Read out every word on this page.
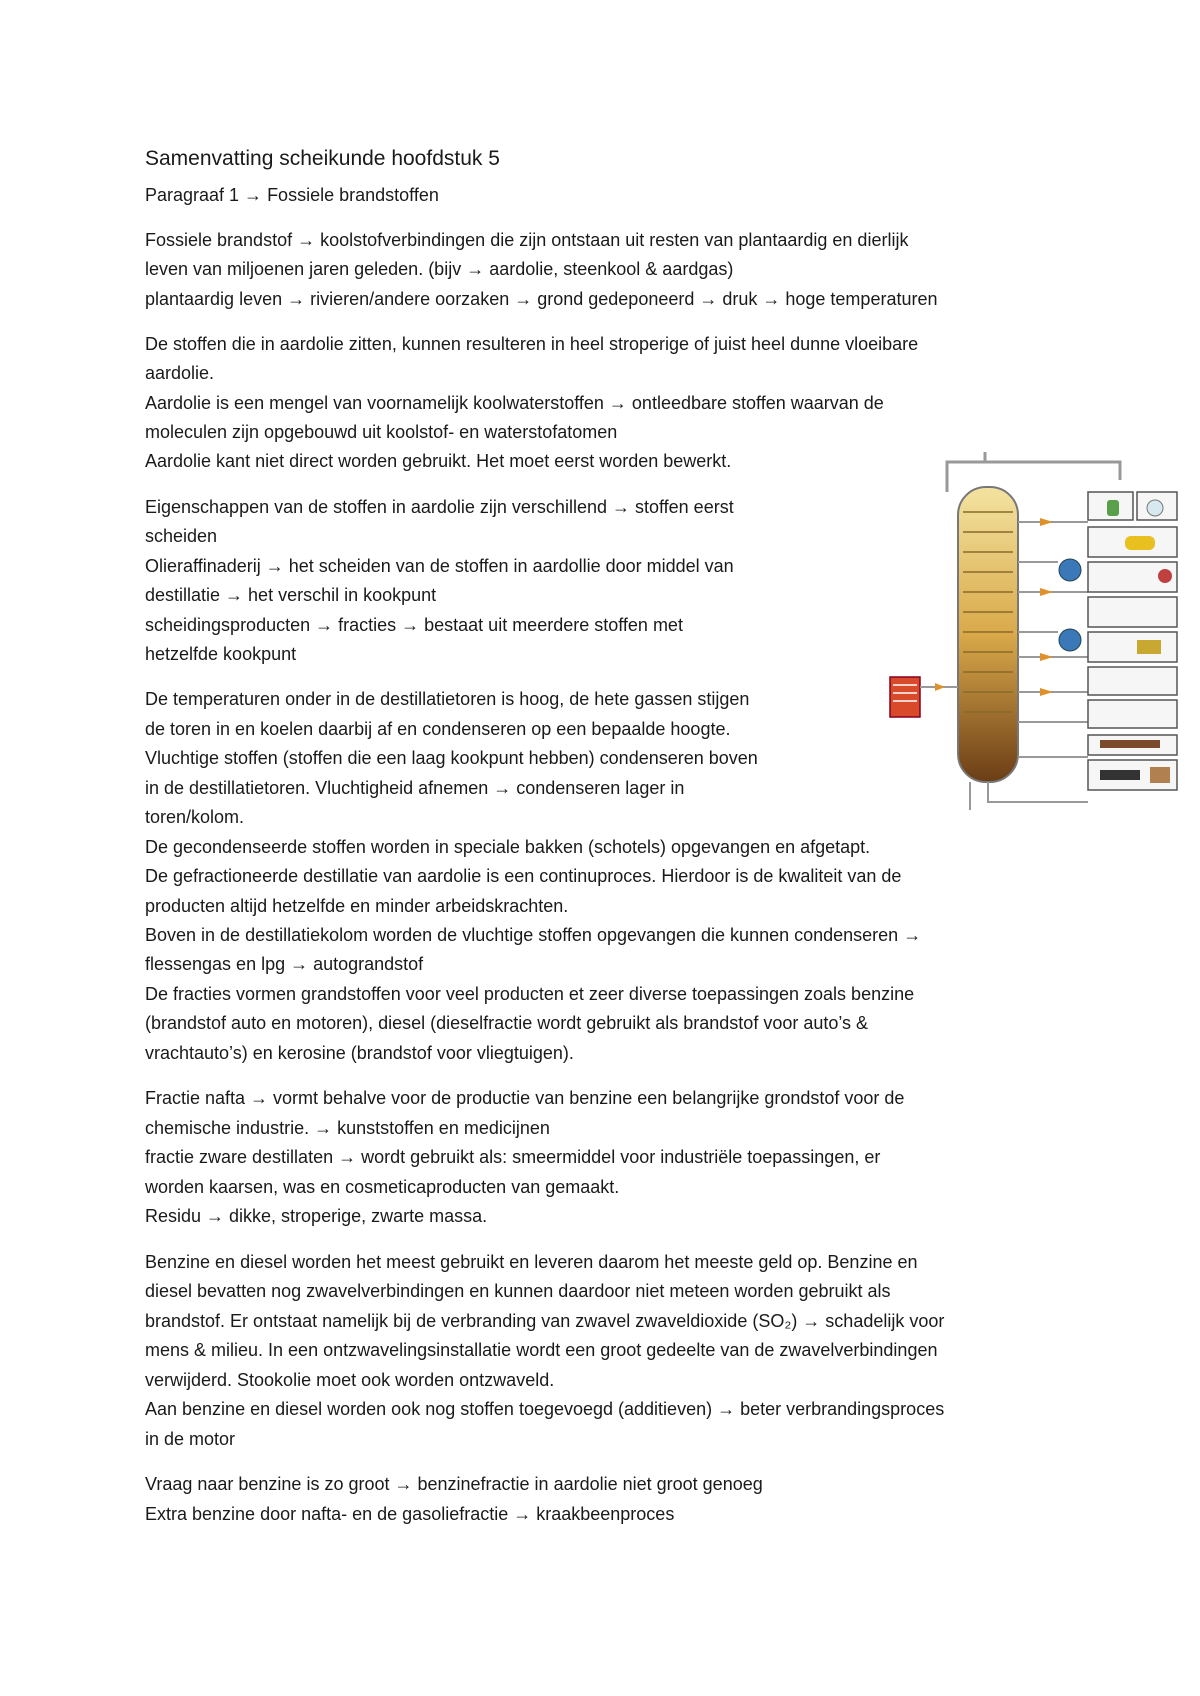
Samenvatting scheikunde hoofdstuk 5
Paragraaf 1 → Fossiele brandstoffen
Fossiele brandstof → koolstofverbindingen die zijn ontstaan uit resten van plantaardig en dierlijk
leven van miljoenen jaren geleden. (bijv → aardolie, steenkool & aardgas)
plantaardig leven → rivieren/andere oorzaken → grond gedeponeerd → druk → hoge temperaturen
De stoffen die in aardolie zitten, kunnen resulteren in heel stroperige of juist heel dunne vloeibare
aardolie.
Aardolie is een mengel van voornamelijk koolwaterstoffen → ontleedbare stoffen waarvan de
moleculen zijn opgebouwd uit koolstof- en waterstofatomen
Aardolie kant niet direct worden gebruikt. Het moet eerst worden bewerkt.
Eigenschappen van de stoffen in aardolie zijn verschillend → stoffen eerst
scheiden
Olieraffinaderij → het scheiden van de stoffen in aardollie door middel van
destillatie → het verschil in kookpunt
scheidingsproducten → fracties → bestaat uit meerdere stoffen met
hetzelfde kookpunt
De temperaturen onder in de destillatietoren is hoog, de hete gassen stijgen
de toren in en koelen daarbij af en condenseren op een bepaalde hoogte.
Vluchtige stoffen (stoffen die een laag kookpunt hebben) condenseren boven
in de destillatietoren. Vluchtigheid afnemen → condenseren lager in
toren/kolom.
De gecondenseerde stoffen worden in speciale bakken (schotels) opgevangen en afgetapt.
De gefractioneerde destillatie van aardolie is een continuproces. Hierdoor is de kwaliteit van de
producten altijd hetzelfde en minder arbeidskrachten.
Boven in de destillatiekolom worden de vluchtige stoffen opgevangen die kunnen condenseren →
flessengas en lpg → autograndstof
De fracties vormen grandstoffen voor veel producten et zeer diverse toepassingen zoals benzine
(brandstof auto en motoren), diesel (dieselfractie wordt gebruikt als brandstof voor auto’s &
vrachtauto’s) en kerosine (brandstof voor vliegtuigen).
Fractie nafta → vormt behalve voor de productie van benzine een belangrijke grondstof voor de
chemische industrie. → kunststoffen en medicijnen
fractie zware destillaten → wordt gebruikt als: smeermiddel voor industriële toepassingen, er
worden kaarsen, was en cosmeticaproducten van gemaakt.
Residu → dikke, stroperige, zwarte massa.
Benzine en diesel worden het meest gebruikt en leveren daarom het meeste geld op. Benzine en
diesel bevatten nog zwavelverbindingen en kunnen daardoor niet meteen worden gebruikt als
brandstof. Er ontstaat namelijk bij de verbranding van zwavel zwaveldioxide (SO₂) → schadelijk voor
mens & milieu. In een ontzwavelingsinstallatie wordt een groot gedeelte van de zwavelverbindingen
verwijderd. Stookolie moet ook worden ontzwaveld.
Aan benzine en diesel worden ook nog stoffen toegevoegd (additieven) → beter verbrandingsproces
in de motor
Vraag naar benzine is zo groot → benzinefractie in aardolie niet groot genoeg
Extra benzine door nafta- en de gasoliefractie → kraakbeenproces
